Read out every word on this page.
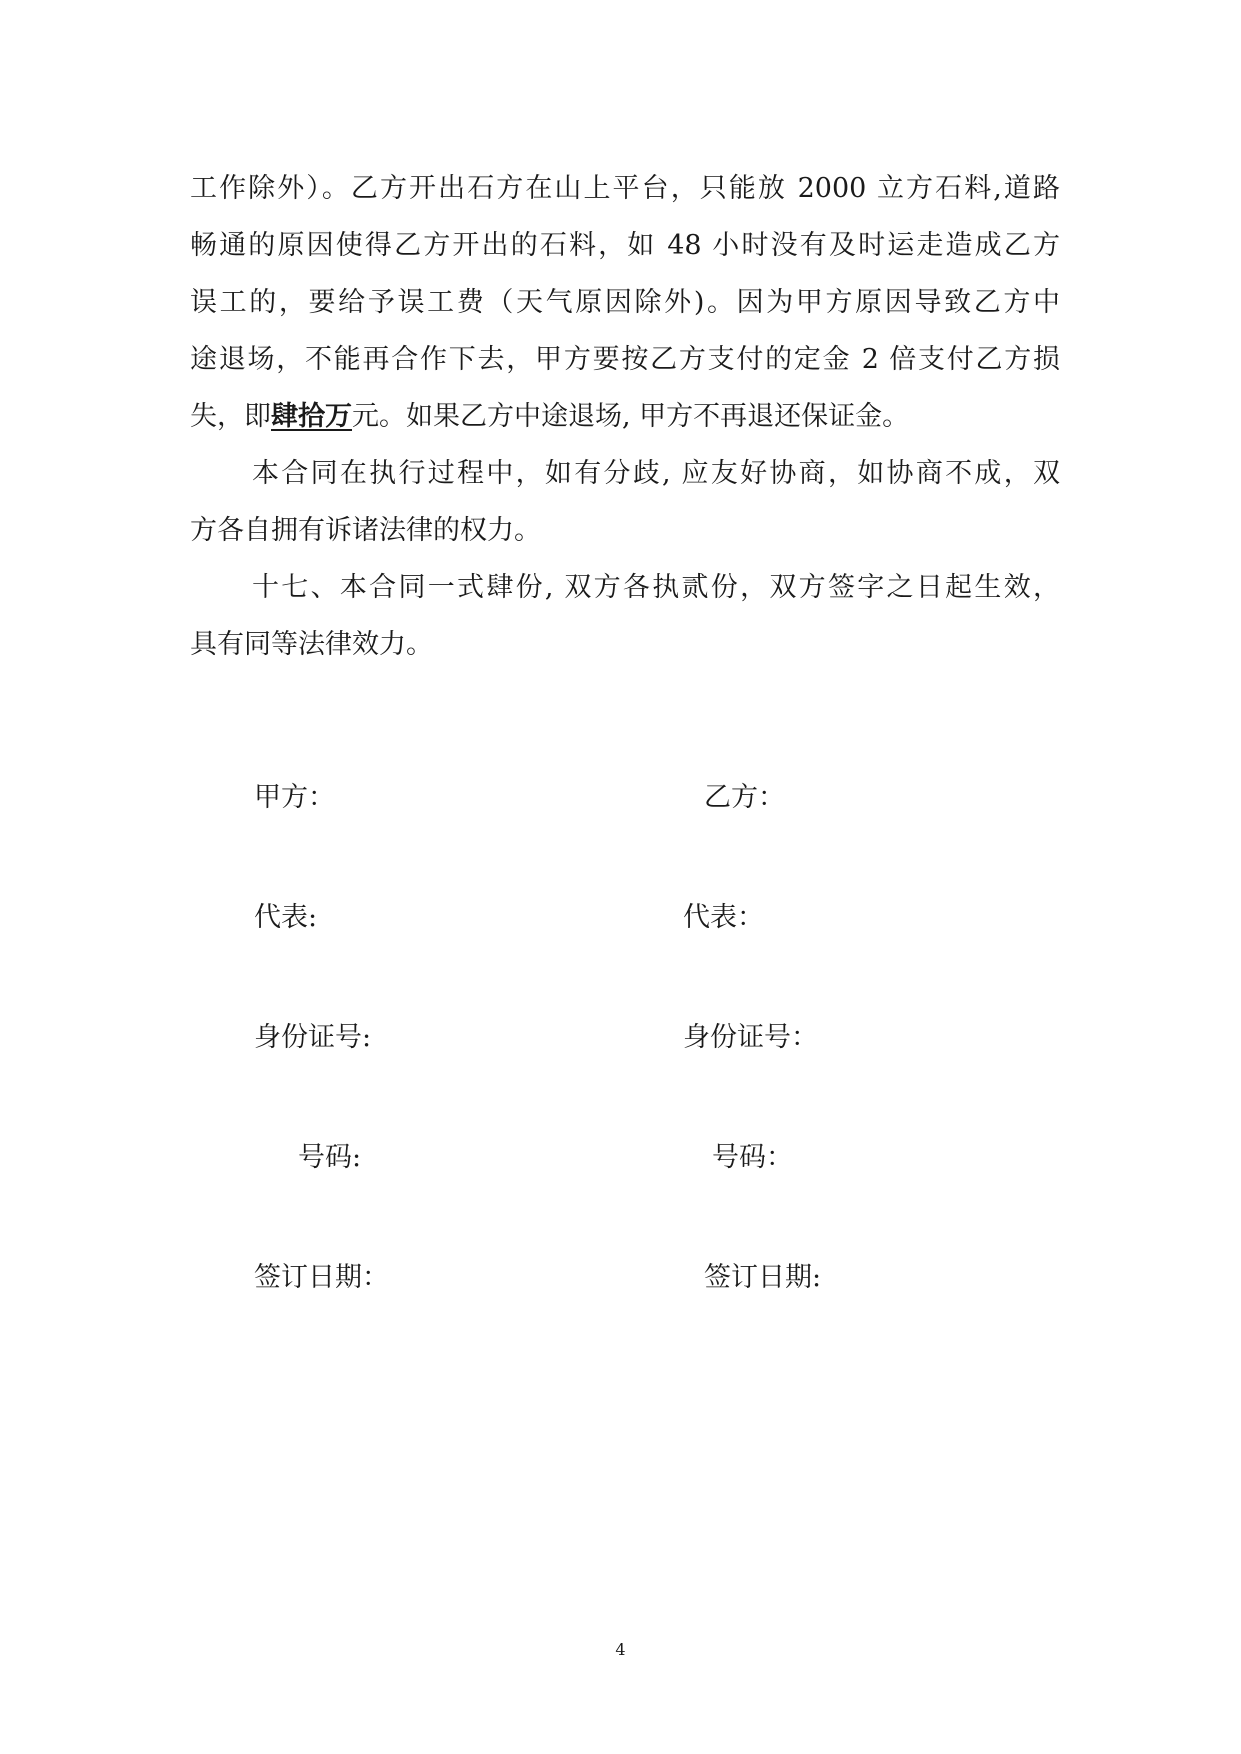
工作除外）。乙方开出石方在山上平台，只能放 2000 立方石料,道路
畅通的原因使得乙方开出的石料，如 48 小时没有及时运走造成乙方
误工的，要给予误工费（天气原因除外)。因为甲方原因导致乙方中
途退场，不能再合作下去，甲方要按乙方支付的定金 2 倍支付乙方损
失，即肆拾万元。如果乙方中途退场, 甲方不再退还保证金。
本合同在执行过程中，如有分歧, 应友好协商，如协商不成，双
方各自拥有诉诸法律的权力。
十七、本合同一式肆份, 双方各执贰份，双方签字之日起生效，
具有同等法律效力。
甲方：
代表:
身份证号:
号码:
签订日期：
乙方：
代表：
身份证号：
号码：
签订日期:
4
